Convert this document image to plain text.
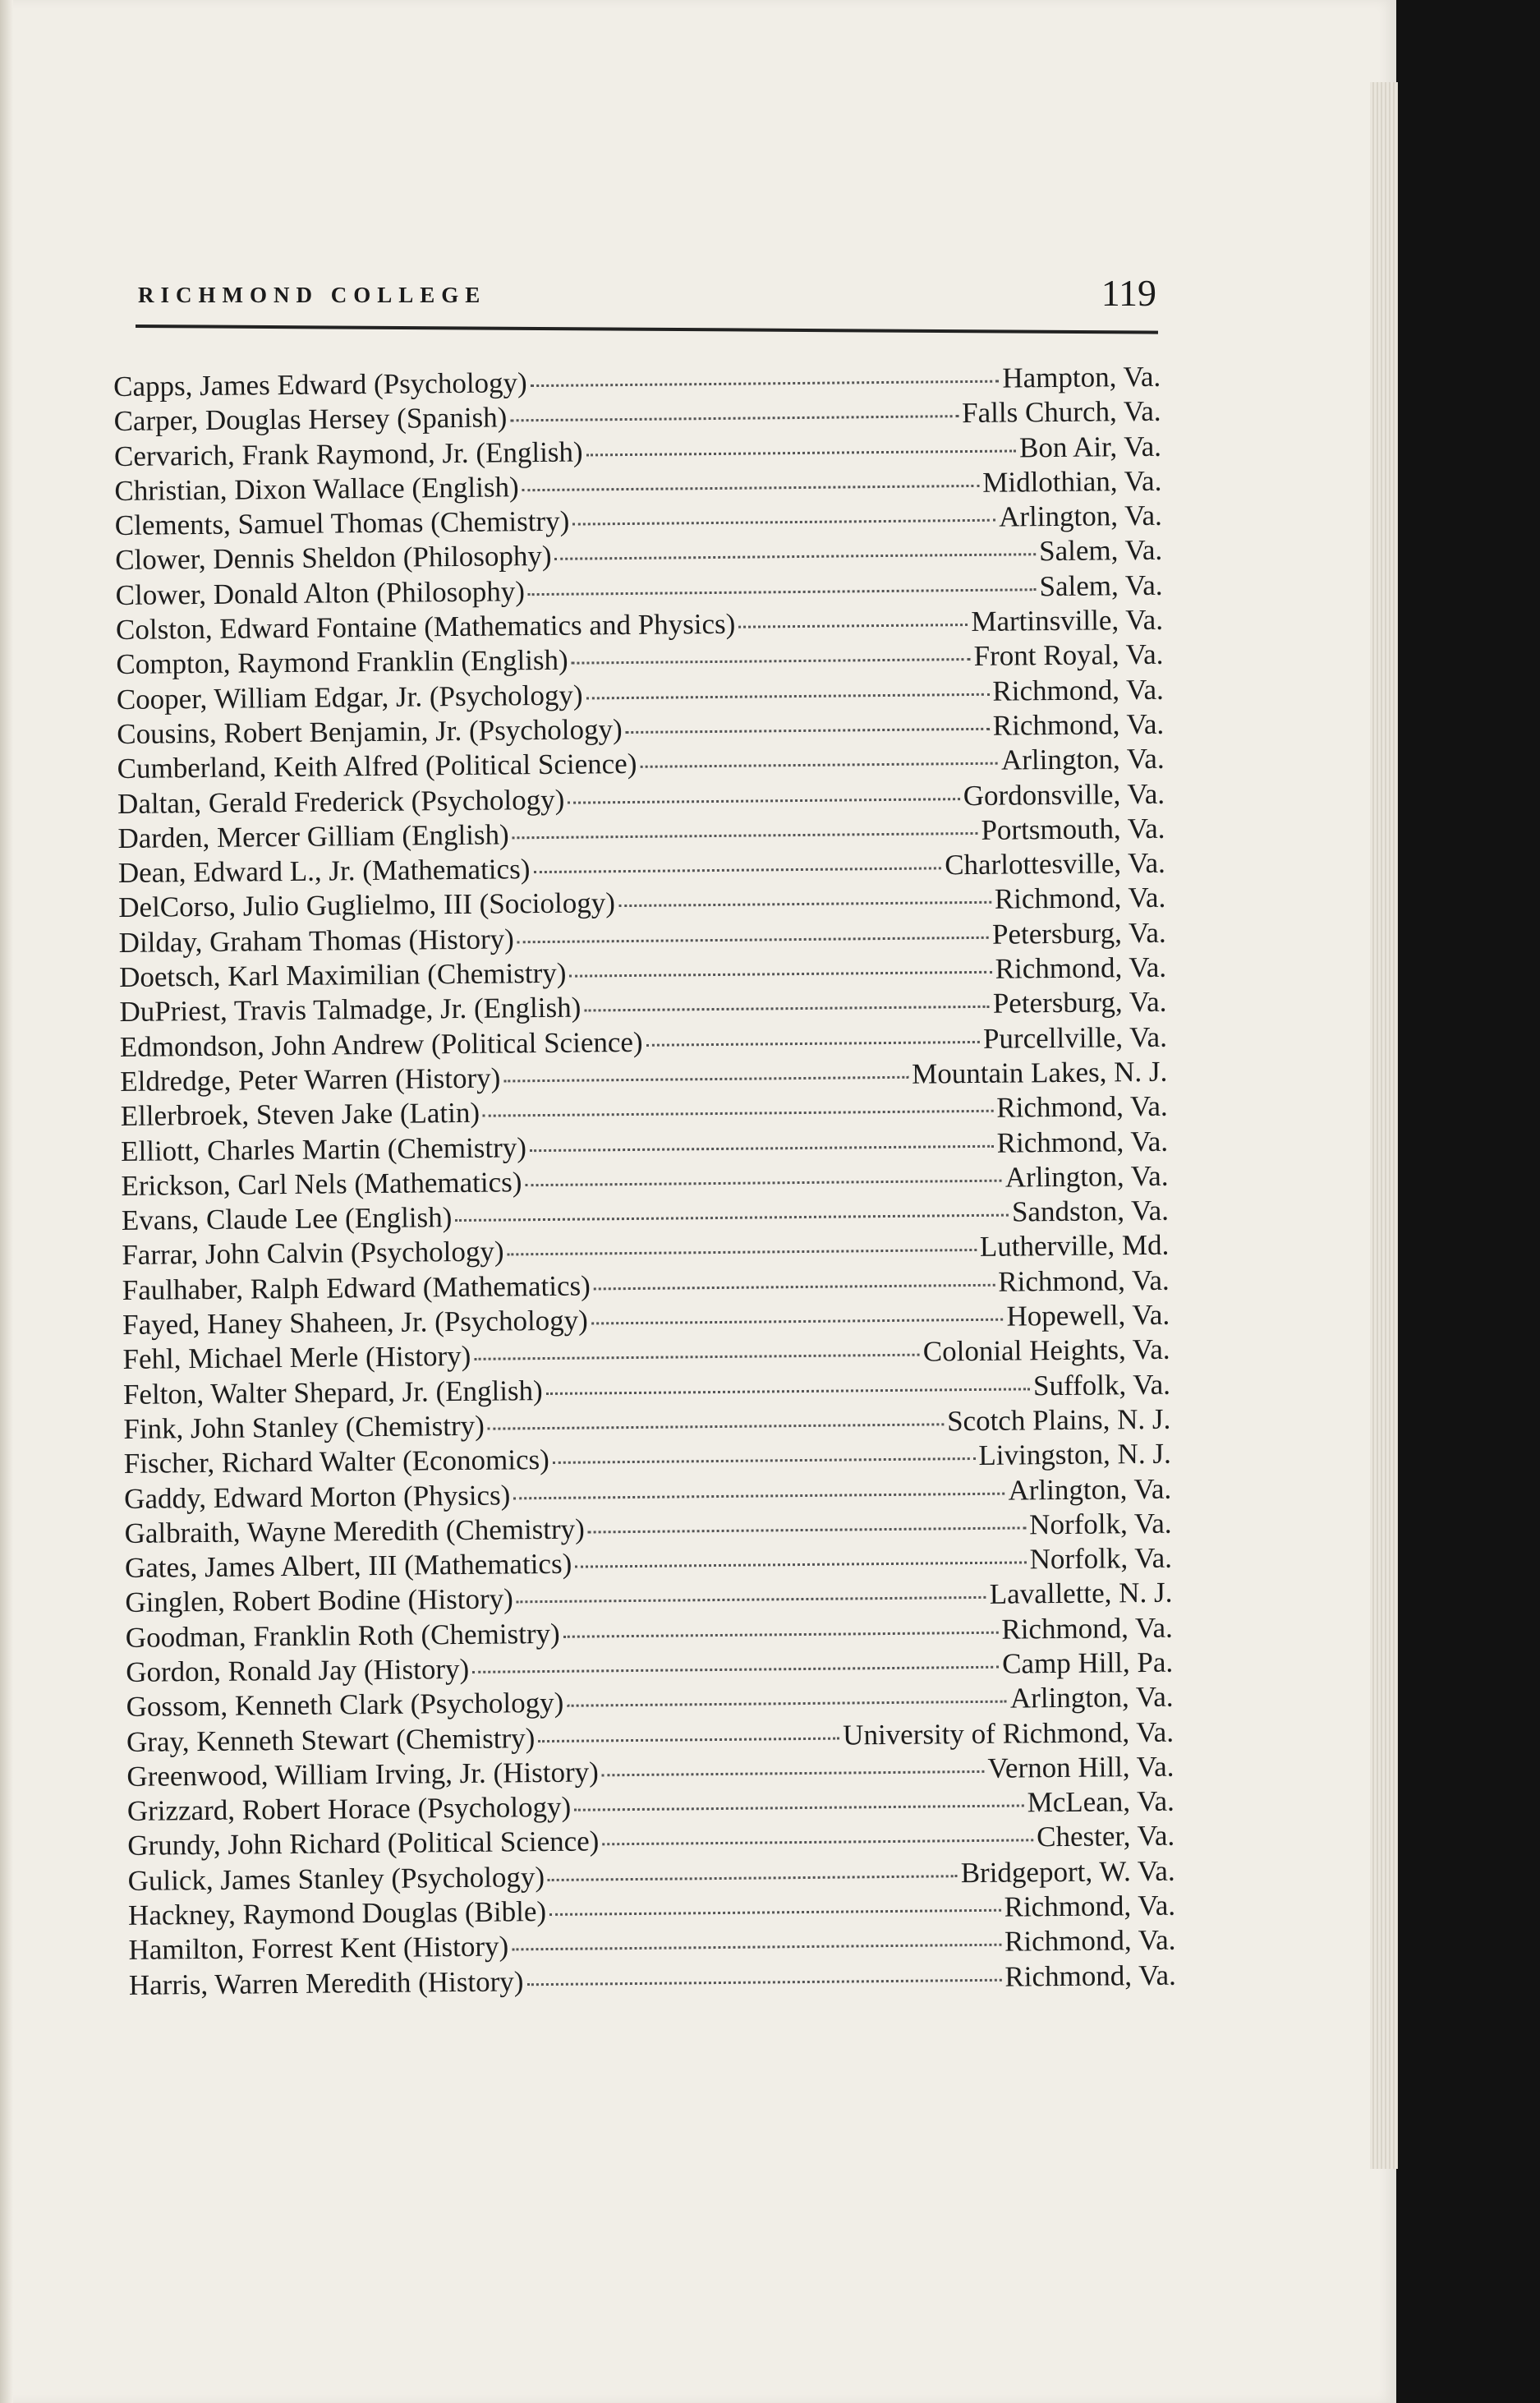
RICHMOND COLLEGE	119
Capps, James Edward (Psychology)	Hampton, Va.
Carper, Douglas Hersey (Spanish)	Falls Church, Va.
Cervarich, Frank Raymond, Jr. (English)	Bon Air, Va.
Christian, Dixon Wallace (English)	Midlothian, Va.
Clements, Samuel Thomas (Chemistry)	Arlington, Va.
Clower, Dennis Sheldon (Philosophy)	Salem, Va.
Clower, Donald Alton (Philosophy)	Salem, Va.
Colston, Edward Fontaine (Mathematics and Physics)	Martinsville, Va.
Compton, Raymond Franklin (English)	Front Royal, Va.
Cooper, William Edgar, Jr. (Psychology)	Richmond, Va.
Cousins, Robert Benjamin, Jr. (Psychology)	Richmond, Va.
Cumberland, Keith Alfred (Political Science)	Arlington, Va.
Daltan, Gerald Frederick (Psychology)	Gordonsville, Va.
Darden, Mercer Gilliam (English)	Portsmouth, Va.
Dean, Edward L., Jr. (Mathematics)	Charlottesville, Va.
DelCorso, Julio Guglielmo, III (Sociology)	Richmond, Va.
Dilday, Graham Thomas (History)	Petersburg, Va.
Doetsch, Karl Maximilian (Chemistry)	Richmond, Va.
DuPriest, Travis Talmadge, Jr. (English)	Petersburg, Va.
Edmondson, John Andrew (Political Science)	Purcellville, Va.
Eldredge, Peter Warren (History)	Mountain Lakes, N. J.
Ellerbroek, Steven Jake (Latin)	Richmond, Va.
Elliott, Charles Martin (Chemistry)	Richmond, Va.
Erickson, Carl Nels (Mathematics)	Arlington, Va.
Evans, Claude Lee (English)	Sandston, Va.
Farrar, John Calvin (Psychology)	Lutherville, Md.
Faulhaber, Ralph Edward (Mathematics)	Richmond, Va.
Fayed, Haney Shaheen, Jr. (Psychology)	Hopewell, Va.
Fehl, Michael Merle (History)	Colonial Heights, Va.
Felton, Walter Shepard, Jr. (English)	Suffolk, Va.
Fink, John Stanley (Chemistry)	Scotch Plains, N. J.
Fischer, Richard Walter (Economics)	Livingston, N. J.
Gaddy, Edward Morton (Physics)	Arlington, Va.
Galbraith, Wayne Meredith (Chemistry)	Norfolk, Va.
Gates, James Albert, III (Mathematics)	Norfolk, Va.
Ginglen, Robert Bodine (History)	Lavallette, N. J.
Goodman, Franklin Roth (Chemistry)	Richmond, Va.
Gordon, Ronald Jay (History)	Camp Hill, Pa.
Gossom, Kenneth Clark (Psychology)	Arlington, Va.
Gray, Kenneth Stewart (Chemistry)	University of Richmond, Va.
Greenwood, William Irving, Jr. (History)	Vernon Hill, Va.
Grizzard, Robert Horace (Psychology)	McLean, Va.
Grundy, John Richard (Political Science)	Chester, Va.
Gulick, James Stanley (Psychology)	Bridgeport, W. Va.
Hackney, Raymond Douglas (Bible)	Richmond, Va.
Hamilton, Forrest Kent (History)	Richmond, Va.
Harris, Warren Meredith (History)	Richmond, Va.
